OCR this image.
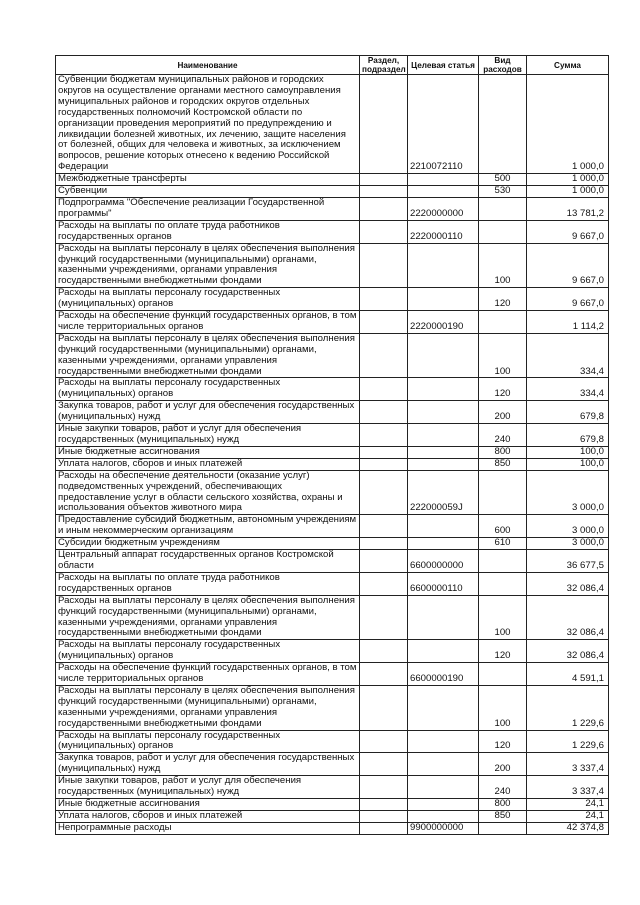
Наименование	Раздел, подраздел	Целевая статья	Вид расходов	Сумма
Субвенции бюджетам муниципальных районов и городских округов на осуществление органами местного самоуправления муниципальных районов и городских округов отдельных государственных полномочий Костромской области по организации проведения мероприятий по предупреждению и ликвидации болезней животных, их лечению, защите населения от болезней, общих для человека и животных, за исключением вопросов, решение которых отнесено к ведению Российской Федерации		2210072110		1 000,0
Межбюджетные трансферты			500	1 000,0
Субвенции			530	1 000,0
Подпрограмма "Обеспечение реализации Государственной программы"		2220000000		13 781,2
Расходы на выплаты по оплате труда работников государственных органов		2220000110		9 667,0
Расходы на выплаты персоналу в целях обеспечения выполнения функций государственными (муниципальными) органами, казенными учреждениями, органами управления государственными внебюджетными фондами			100	9 667,0
Расходы на выплаты персоналу государственных (муниципальных) органов			120	9 667,0
Расходы на обеспечение функций государственных органов, в том числе территориальных органов		2220000190		1 114,2
Расходы на выплаты персоналу в целях обеспечения выполнения функций государственными (муниципальными) органами, казенными учреждениями, органами управления государственными внебюджетными фондами			100	334,4
Расходы на выплаты персоналу государственных (муниципальных) органов			120	334,4
Закупка товаров, работ и услуг для обеспечения государственных (муниципальных) нужд			200	679,8
Иные закупки товаров, работ и услуг для обеспечения государственных (муниципальных) нужд			240	679,8
Иные бюджетные ассигнования			800	100,0
Уплата налогов, сборов и иных платежей			850	100,0
Расходы на обеспечение деятельности (оказание услуг) подведомственных учреждений, обеспечивающих предоставление услуг в области сельского хозяйства, охраны и использования объектов животного мира		222000059J		3 000,0
Предоставление субсидий бюджетным, автономным учреждениям и иным некоммерческим организациям			600	3 000,0
Субсидии бюджетным учреждениям			610	3 000,0
Центральный аппарат государственных органов Костромской области		6600000000		36 677,5
Расходы на выплаты по оплате труда работников государственных органов		6600000110		32 086,4
Расходы на выплаты персоналу в целях обеспечения выполнения функций государственными (муниципальными) органами, казенными учреждениями, органами управления государственными внебюджетными фондами			100	32 086,4
Расходы на выплаты персоналу государственных (муниципальных) органов			120	32 086,4
Расходы на обеспечение функций государственных органов, в том числе территориальных органов		6600000190		4 591,1
Расходы на выплаты персоналу в целях обеспечения выполнения функций государственными (муниципальными) органами, казенными учреждениями, органами управления государственными внебюджетными фондами			100	1 229,6
Расходы на выплаты персоналу государственных (муниципальных) органов			120	1 229,6
Закупка товаров, работ и услуг для обеспечения государственных (муниципальных) нужд			200	3 337,4
Иные закупки товаров, работ и услуг для обеспечения государственных (муниципальных) нужд			240	3 337,4
Иные бюджетные ассигнования			800	24,1
Уплата налогов, сборов и иных платежей			850	24,1
Непрограммные расходы		9900000000		42 374,8
